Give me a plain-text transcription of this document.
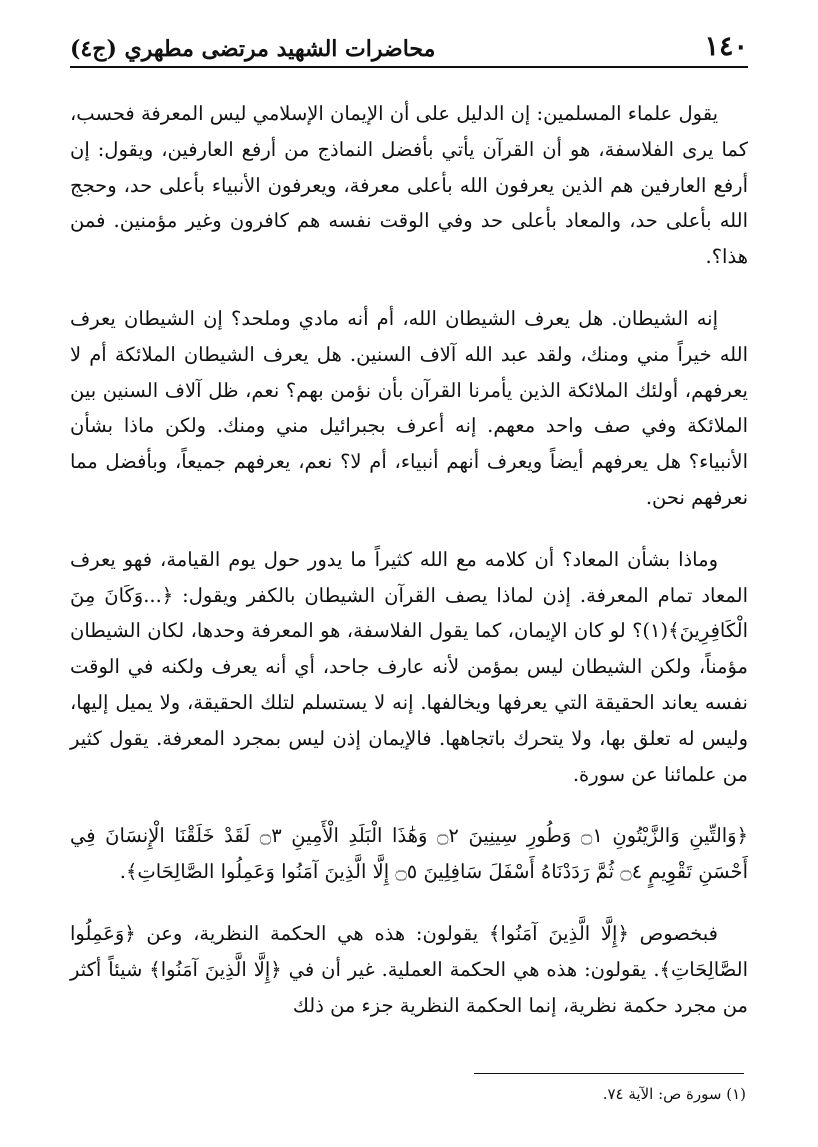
١٤٠
محاضرات الشهيد مرتضى مطهري (ج٤)

يقول علماء المسلمين: إن الدليل على أن الإيمان الإسلامي ليس المعرفة فحسب، كما يرى الفلاسفة، هو أن القرآن يأتي بأفضل النماذج من أرفع العارفين، ويقول: إن أرفع العارفين هم الذين يعرفون الله بأعلى معرفة، ويعرفون الأنبياء بأعلى حد، وحجج الله بأعلى حد، والمعاد بأعلى حد وفي الوقت نفسه هم كافرون وغير مؤمنين. فمن هذا؟.

إنه الشيطان. هل يعرف الشيطان الله، أم أنه مادي وملحد؟ إن الشيطان يعرف الله خيراً مني ومنك، ولقد عبد الله آلاف السنين. هل يعرف الشيطان الملائكة أم لا يعرفهم، أولئك الملائكة الذين يأمرنا القرآن بأن نؤمن بهم؟ نعم، ظل آلاف السنين بين الملائكة وفي صف واحد معهم. إنه أعرف بجبرائيل مني ومنك. ولكن ماذا بشأن الأنبياء؟ هل يعرفهم أيضاً ويعرف أنهم أنبياء، أم لا؟ نعم، يعرفهم جميعاً، وبأفضل مما نعرفهم نحن.

وماذا بشأن المعاد؟ أن كلامه مع الله كثيراً ما يدور حول يوم القيامة، فهو يعرف المعاد تمام المعرفة. إذن لماذا يصف القرآن الشيطان بالكفر ويقول: ﴿...وَكَانَ مِنَ الْكَافِرِينَ﴾(١)؟ لو كان الإيمان، كما يقول الفلاسفة، هو المعرفة وحدها، لكان الشيطان مؤمناً، ولكن الشيطان ليس بمؤمن لأنه عارف جاحد، أي أنه يعرف ولكنه في الوقت نفسه يعاند الحقيقة التي يعرفها ويخالفها. إنه لا يستسلم لتلك الحقيقة، ولا يميل إليها، وليس له تعلق بها، ولا يتحرك باتجاهها. فالإيمان إذن ليس بمجرد المعرفة. يقول كثير من علمائنا عن سورة.

﴿وَالتِّينِ وَالزَّيْتُونِ ۝١ وَطُورِ سِينِينَ ۝٢ وَهَٰذَا الْبَلَدِ الْأَمِينِ ۝٣ لَقَدْ خَلَقْنَا الْإِنسَانَ فِي أَحْسَنِ تَقْوِيمٍ ۝٤ ثُمَّ رَدَدْنَاهُ أَسْفَلَ سَافِلِينَ ۝٥ إِلَّا الَّذِينَ آمَنُوا وَعَمِلُوا الصَّالِحَاتِ﴾.

فبخصوص ﴿إِلَّا الَّذِينَ آمَنُوا﴾ يقولون: هذه هي الحكمة النظرية، وعن ﴿وَعَمِلُوا الصَّالِحَاتِ﴾. يقولون: هذه هي الحكمة العملية. غير أن في ﴿إِلَّا الَّذِينَ آمَنُوا﴾ شيئاً أكثر من مجرد حكمة نظرية، إنما الحكمة النظرية جزء من ذلك

(١) سورة ص: الآية ٧٤.
